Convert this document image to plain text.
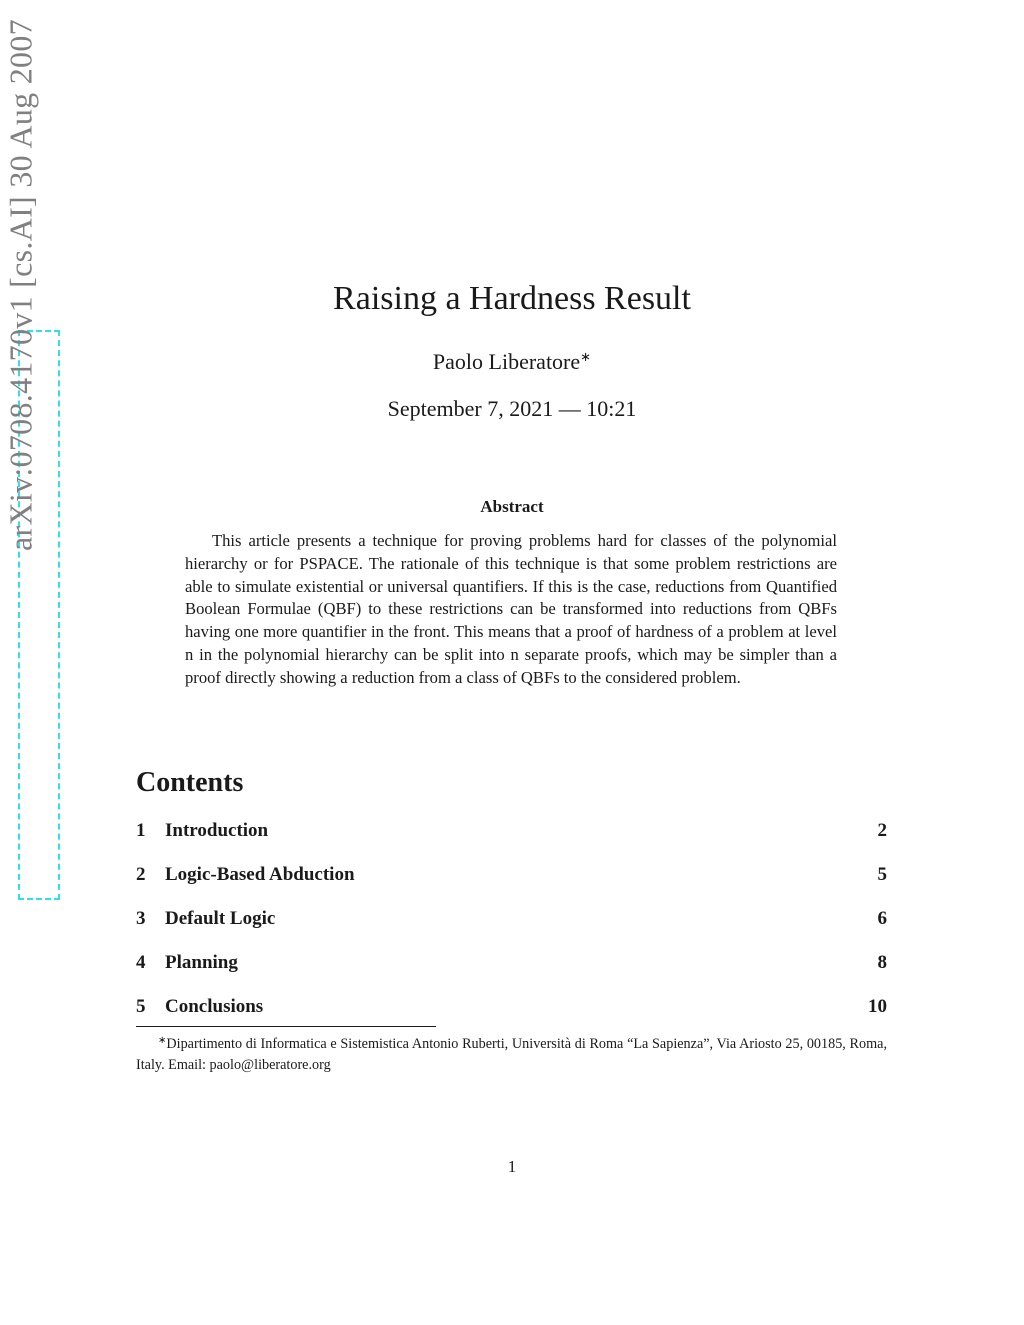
arXiv:0708.4170v1 [cs.AI] 30 Aug 2007	Raising a Hardness Result
Paolo Liberatore∗
September 7, 2021 — 10:21
Abstract

This article presents a technique for proving problems hard for classes of the polynomial hierarchy or for PSPACE. The rationale of this technique is that some problem restrictions are able to simulate existential or universal quantifiers. If this is the case, reductions from Quantified Boolean Formulae (QBF) to these restrictions can be transformed into reductions from QBFs having one more quantifier in the front. This means that a proof of hardness of a problem at level n in the polynomial hierarchy can be split into n separate proofs, which may be simpler than a proof directly showing a reduction from a class of QBFs to the considered problem.

Contents
1 Introduction	2
2 Logic-Based Abduction	5
3 Default Logic	6
4 Planning	8
5 Conclusions	10

∗Dipartimento di Informatica e Sistemistica Antonio Ruberti, Università di Roma “La Sapienza”, Via Ariosto 25, 00185, Roma, Italy. Email: paolo@liberatore.org

1
